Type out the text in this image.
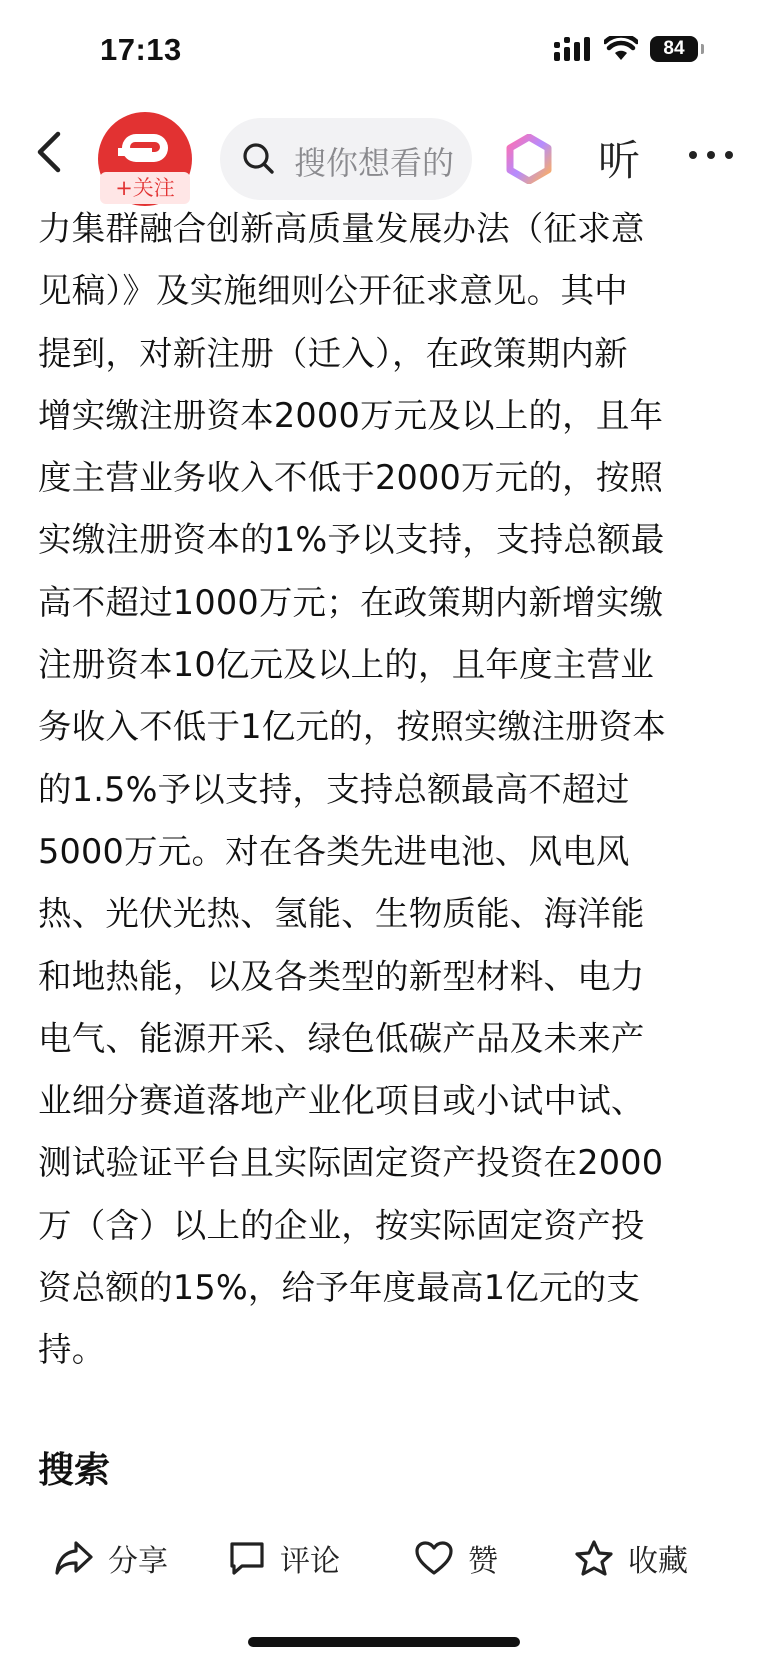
17:13	84
+关注
搜你想看的	听
力集群融合创新高质量发展办法（征求意
见稿）》及实施细则公开征求意见。其中
提到，对新注册（迁入），在政策期内新
增实缴注册资本2000万元及以上的，且年
度主营业务收入不低于2000万元的，按照
实缴注册资本的1%予以支持，支持总额最
高不超过1000万元；在政策期内新增实缴
注册资本10亿元及以上的，且年度主营业
务收入不低于1亿元的，按照实缴注册资本
的1.5%予以支持，支持总额最高不超过
5000万元。对在各类先进电池、风电风
热、光伏光热、氢能、生物质能、海洋能
和地热能，以及各类型的新型材料、电力
电气、能源开采、绿色低碳产品及未来产
业细分赛道落地产业化项目或小试中试、
测试验证平台且实际固定资产投资在2000
万（含）以上的企业，按实际固定资产投
资总额的15%，给予年度最高1亿元的支
持。
搜索
分享	评论	赞	收藏
